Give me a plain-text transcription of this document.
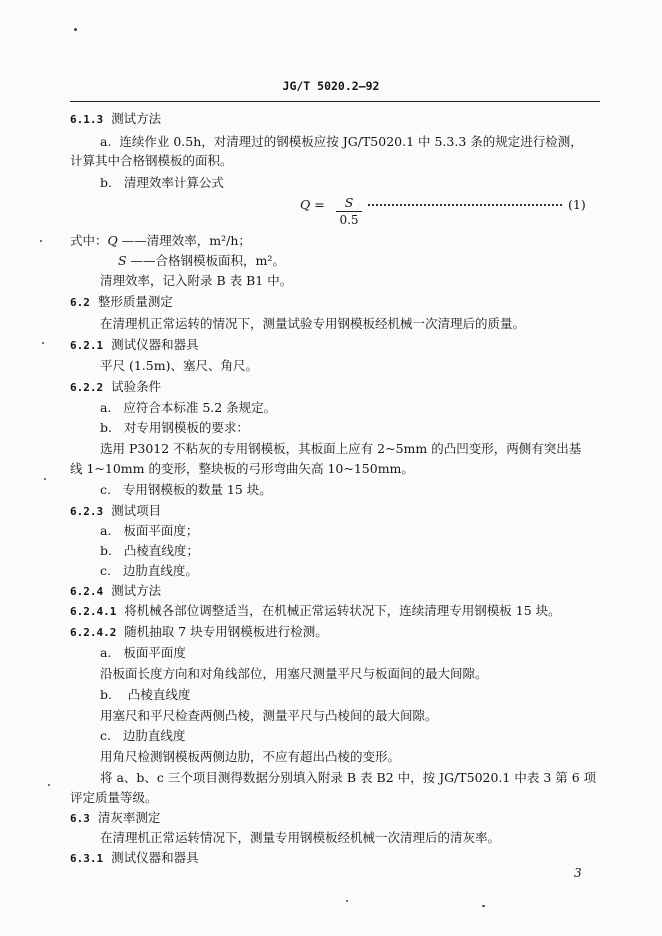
JG/T 5020.2—92
6.1.3  测试方法
a.  连续作业 0.5h，对清理过的钢模板应按 JG/T5020.1 中 5.3.3 条的规定进行检测，
计算其中合格钢模板的面积。
b.   清理效率计算公式
Q =	S
0.5
(1)
式中：Q ——清理效率，m²/h；
S ——合格钢模板面积，m²。
清理效率，记入附录 B 表 B1 中。
6.2  整形质量测定
在清理机正常运转的情况下，测量试验专用钢模板经机械一次清理后的质量。
6.2.1  测试仪器和器具
平尺 (1.5m)、塞尺、角尺。
6.2.2  试验条件
a.   应符合本标准 5.2 条规定。
b.   对专用钢模板的要求：
选用 P3012 不粘灰的专用钢模板，其板面上应有 2~5mm 的凸凹变形，两侧有突出基
线 1~10mm 的变形，整块板的弓形弯曲矢高 10~150mm。
c.   专用钢模板的数量 15 块。
6.2.3  测试项目
a.   板面平面度；
b.   凸棱直线度；
c.   边肋直线度。
6.2.4  测试方法
6.2.4.1  将机械各部位调整适当，在机械正常运转状况下，连续清理专用钢模板 15 块。
6.2.4.2  随机抽取 7 块专用钢模板进行检测。
a.   板面平面度
沿板面长度方向和对角线部位，用塞尺测量平尺与板面间的最大间隙。
b.    凸棱直线度
用塞尺和平尺检查两侧凸棱，测量平尺与凸棱间的最大间隙。
c.   边肋直线度
用角尺检测钢模板两侧边肋，不应有超出凸棱的变形。
将 a、b、c 三个项目测得数据分别填入附录 B 表 B2 中，按 JG/T5020.1 中表 3 第 6 项
评定质量等级。
6.3  清灰率测定
在清理机正常运转情况下，测量专用钢模板经机械一次清理后的清灰率。
6.3.1  测试仪器和器具
3
